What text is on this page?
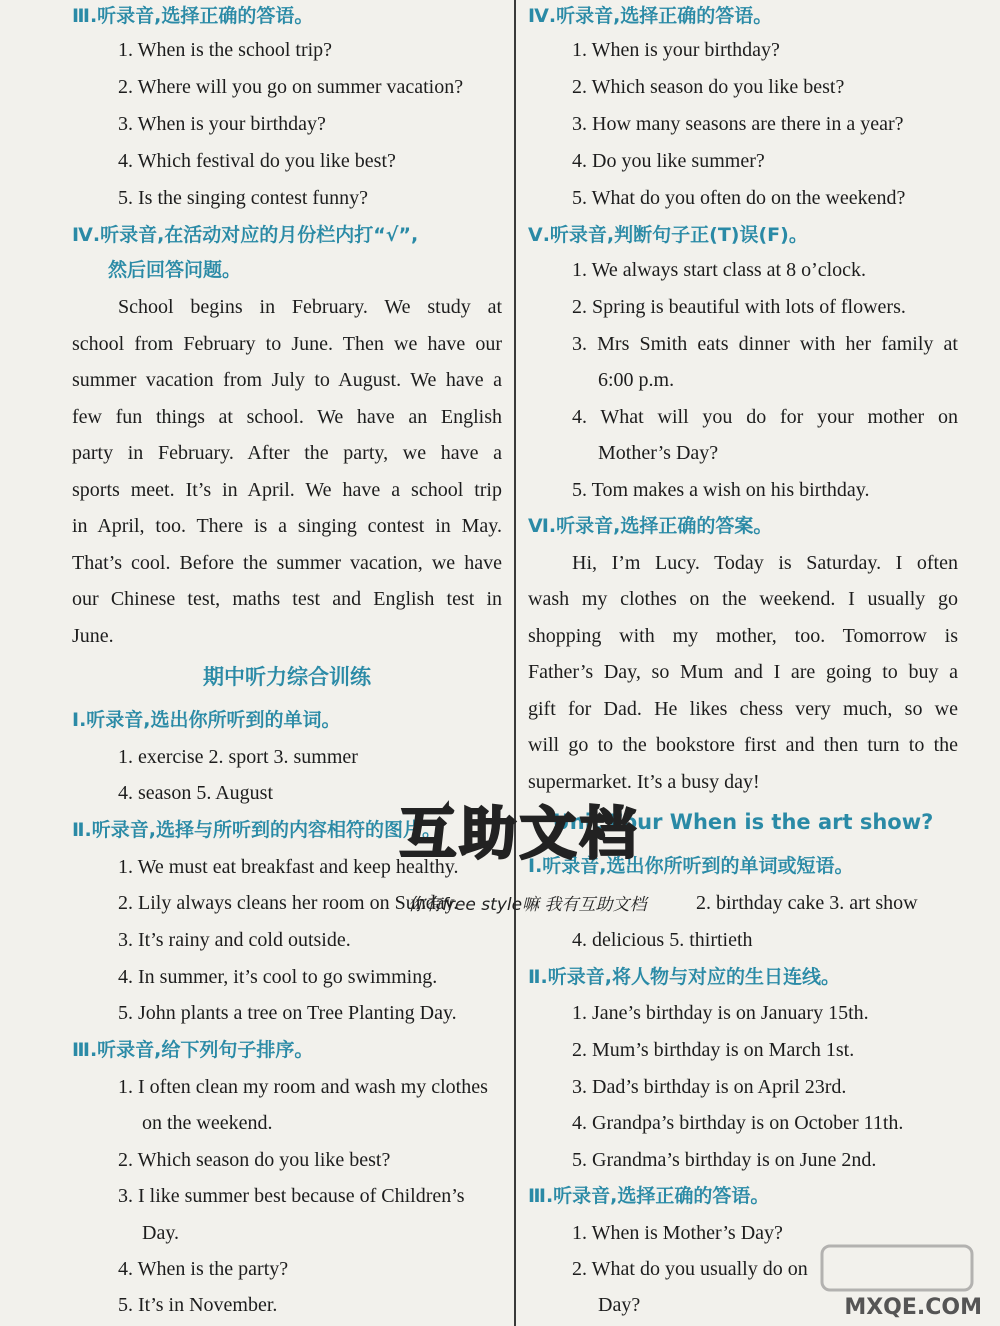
Ⅲ.听录音,选择正确的答语。
1. When is the school trip?
2. Where will you go on summer vacation?
3. When is your birthday?
4. Which festival do you like best?
5. Is the singing contest funny?
Ⅳ.听录音,在活动对应的月份栏内打“√”,
然后回答问题。
School begins in February. We study at
school from February to June. Then we have our
summer vacation from July to August. We have a
few fun things at school. We have an English
party in February. After the party, we have a
sports meet. It’s in April. We have a school trip
in April, too. There is a singing contest in May.
That’s cool. Before the summer vacation, we have
our Chinese test, maths test and English test in
June.
期中听力综合训练
Ⅰ.听录音,选出你所听到的单词。
1. exercise 2. sport 3. summer
4. season 5. August
Ⅱ.听录音,选择与所听到的内容相符的图片。
1. We must eat breakfast and keep healthy.
2. Lily always cleans her room on Sunday.
3. It’s rainy and cold outside.
4. In summer, it’s cool to go swimming.
5. John plants a tree on Tree Planting Day.
Ⅲ.听录音,给下列句子排序。
1. I often clean my room and wash my clothes
on the weekend.
2. Which season do you like best?
3. I like summer best because of Children’s
Day.
4. When is the party?
5. It’s in November.
Ⅳ.听录音,选择正确的答语。
1. When is your birthday?
2. Which season do you like best?
3. How many seasons are there in a year?
4. Do you like summer?
5. What do you often do on the weekend?
Ⅴ.听录音,判断句子正(T)误(F)。
1. We always start class at 8 o’clock.
2. Spring is beautiful with lots of flowers.
3. Mrs Smith eats dinner with her family at
6:00 p.m.
4. What will you do for your mother on
Mother’s Day?
5. Tom makes a wish on his birthday.
Ⅵ.听录音,选择正确的答案。
Hi, I’m Lucy. Today is Saturday. I often
wash my clothes on the weekend. I usually go
shopping with my mother, too. Tomorrow is
Father’s Day, so Mum and I are going to buy a
gift for Dad. He likes chess very much, so we
will go to the bookstore first and then turn to the
supermarket. It’s a busy day!
Unit Four When is the art show?
Ⅰ.听录音,选出你所听到的单词或短语。
2. birthday cake 3. art show
4. delicious 5. thirtieth
Ⅱ.听录音,将人物与对应的生日连线。
1. Jane’s birthday is on January 15th.
2. Mum’s birthday is on March 1st.
3. Dad’s birthday is on April 23rd.
4. Grandpa’s birthday is on October 11th.
5. Grandma’s birthday is on June 2nd.
Ⅲ.听录音,选择正确的答语。
1. When is Mother’s Day?
2. What do you usually do on
Day?
互助文档
你有free style嘛 我有互助文档
MXQE.COM
